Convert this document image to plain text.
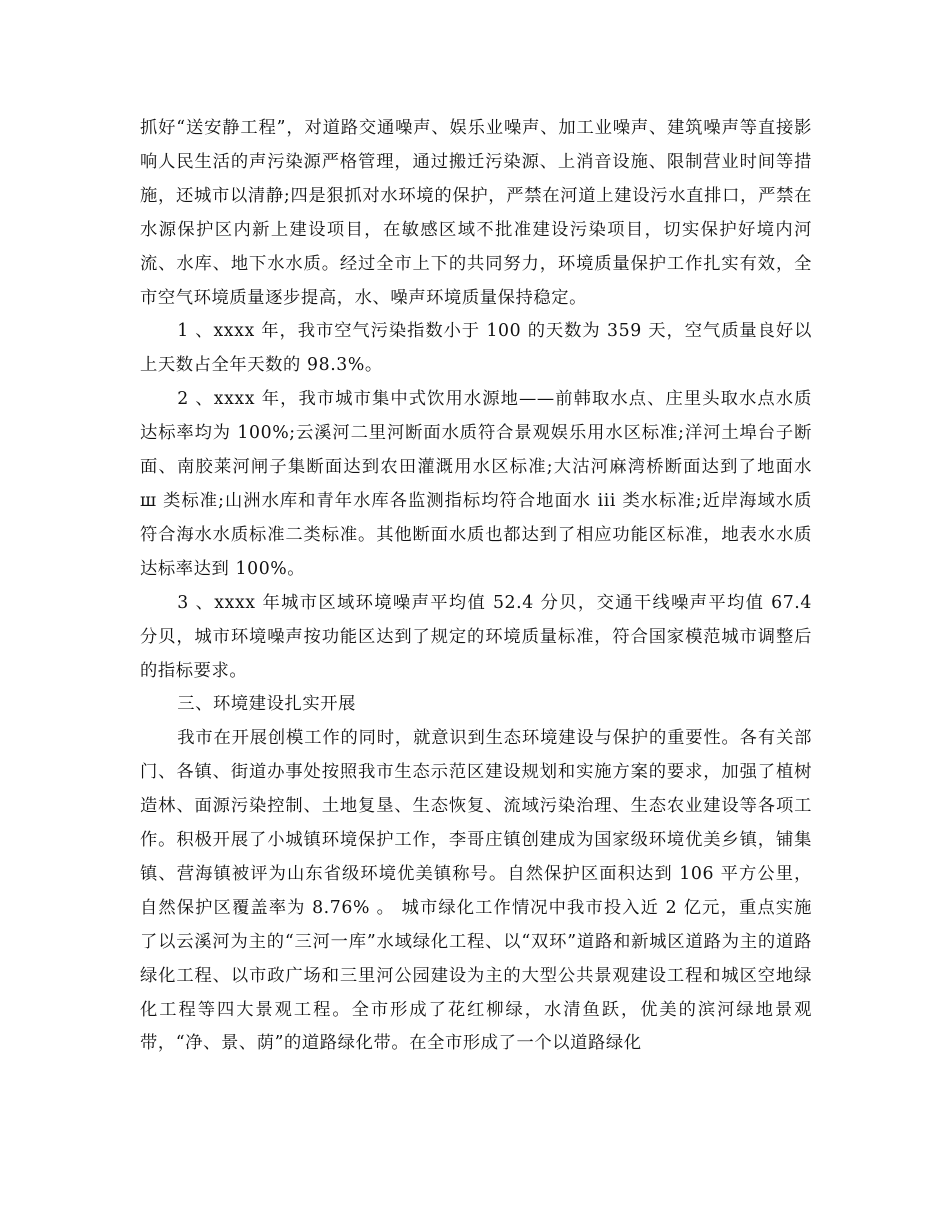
抓好“送安静工程”，对道路交通噪声、娱乐业噪声、加工业噪声、建筑噪声等直接影响人民生活的声污染源严格管理，通过搬迁污染源、上消音设施、限制营业时间等措施，还城市以清静;四是狠抓对水环境的保护，严禁在河道上建设污水直排口，严禁在水源保护区内新上建设项目，在敏感区域不批准建设污染项目，切实保护好境内河流、水库、地下水水质。经过全市上下的共同努力，环境质量保护工作扎实有效，全市空气环境质量逐步提高，水、噪声环境质量保持稳定。

1 、xxxx 年，我市空气污染指数小于 100 的天数为 359 天，空气质量良好以上天数占全年天数的 98.3%。

2 、xxxx 年，我市城市集中式饮用水源地——前韩取水点、庄里头取水点水质达标率均为 100%;云溪河二里河断面水质符合景观娱乐用水区标准;洋河土埠台子断面、南胶莱河闸子集断面达到农田灌溉用水区标准;大沽河麻湾桥断面达到了地面水 ш 类标准;山洲水库和青年水库各监测指标均符合地面水 iii 类水标准;近岸海域水质符合海水水质标准二类标准。其他断面水质也都达到了相应功能区标准，地表水水质达标率达到 100%。

3 、xxxx 年城市区域环境噪声平均值 52.4 分贝，交通干线噪声平均值 67.4 分贝，城市环境噪声按功能区达到了规定的环境质量标准，符合国家模范城市调整后的指标要求。

三、环境建设扎实开展

我市在开展创模工作的同时，就意识到生态环境建设与保护的重要性。各有关部门、各镇、街道办事处按照我市生态示范区建设规划和实施方案的要求，加强了植树造林、面源污染控制、土地复垦、生态恢复、流域污染治理、生态农业建设等各项工作。积极开展了小城镇环境保护工作，李哥庄镇创建成为国家级环境优美乡镇，铺集镇、营海镇被评为山东省级环境优美镇称号。自然保护区面积达到 106 平方公里，自然保护区覆盖率为 8.76% 。 城市绿化工作情况中我市投入近 2 亿元，重点实施了以云溪河为主的“三河一库”水域绿化工程、以“双环”道路和新城区道路为主的道路绿化工程、以市政广场和三里河公园建设为主的大型公共景观建设工程和城区空地绿化工程等四大景观工程。全市形成了花红柳绿，水清鱼跃，优美的滨河绿地景观带，“净、景、荫”的道路绿化带。在全市形成了一个以道路绿化
